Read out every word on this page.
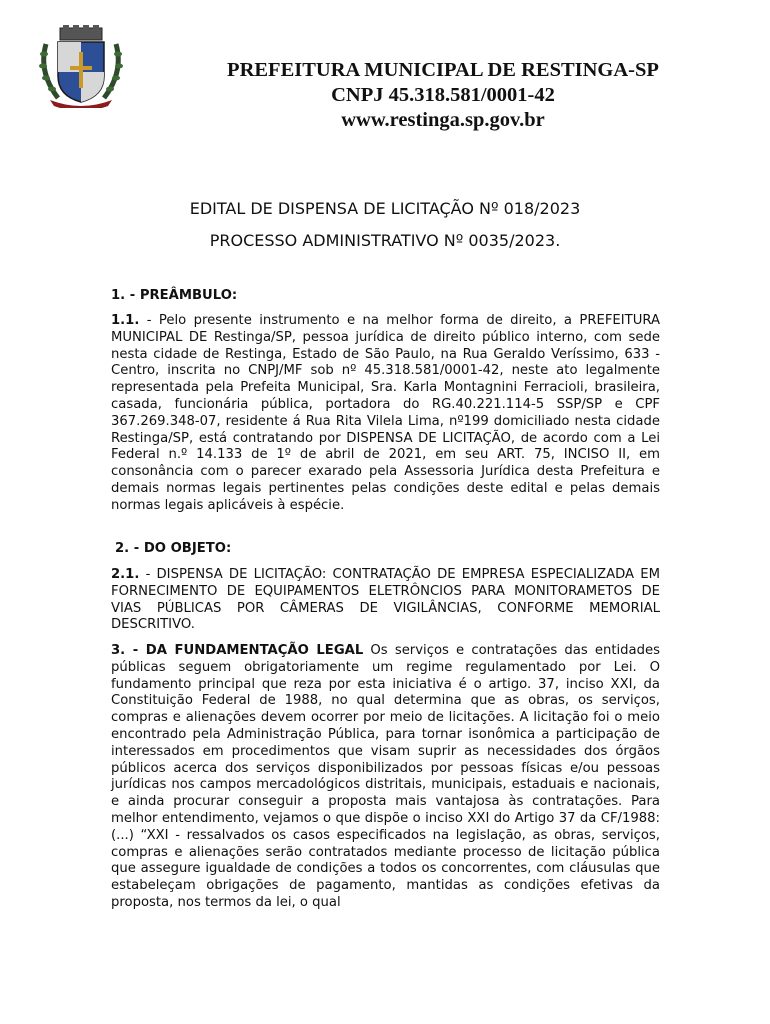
PREFEITURA MUNICIPAL DE RESTINGA-SP
CNPJ 45.318.581/0001-42
www.restinga.sp.gov.br
EDITAL DE DISPENSA DE LICITAÇÃO Nº 018/2023
PROCESSO ADMINISTRATIVO Nº 0035/2023.
1. - PREÂMBULO:

1.1. - Pelo presente instrumento e na melhor forma de direito, a PREFEITURA MUNICIPAL DE Restinga/SP, pessoa jurídica de direito público interno, com sede nesta cidade de Restinga, Estado de São Paulo, na Rua Geraldo Veríssimo, 633 - Centro, inscrita no CNPJ/MF sob nº 45.318.581/0001-42, neste ato legalmente representada pela Prefeita Municipal, Sra. Karla Montagnini Ferracioli, brasileira, casada, funcionária pública, portadora do RG.40.221.114-5 SSP/SP e CPF 367.269.348-07, residente á Rua Rita Vilela Lima, nº199 domiciliado nesta cidade Restinga/SP, está contratando por DISPENSA DE LICITAÇÃO, de acordo com a Lei Federal n.º 14.133 de 1º de abril de 2021, em seu ART. 75, INCISO II, em consonância com o parecer exarado pela Assessoria Jurídica desta Prefeitura e demais normas legais pertinentes pelas condições deste edital e pelas demais normas legais aplicáveis à espécie.

2. - DO OBJETO:

2.1. - DISPENSA DE LICITAÇÃO: CONTRATAÇÃO DE EMPRESA ESPECIALIZADA EM FORNECIMENTO DE EQUIPAMENTOS ELETRÔNCIOS PARA MONITORAMETOS DE VIAS PÚBLICAS POR CÂMERAS DE VIGILÂNCIAS, CONFORME MEMORIAL DESCRITIVO.

3. - DA FUNDAMENTAÇÃO LEGAL Os serviços e contratações das entidades públicas seguem obrigatoriamente um regime regulamentado por Lei. O fundamento principal que reza por esta iniciativa é o artigo. 37, inciso XXI, da Constituição Federal de 1988, no qual determina que as obras, os serviços, compras e alienações devem ocorrer por meio de licitações. A licitação foi o meio encontrado pela Administração Pública, para tornar isonômica a participação de interessados em procedimentos que visam suprir as necessidades dos órgãos públicos acerca dos serviços disponibilizados por pessoas físicas e/ou pessoas jurídicas nos campos mercadológicos distritais, municipais, estaduais e nacionais, e ainda procurar conseguir a proposta mais vantajosa às contratações. Para melhor entendimento, vejamos o que dispõe o inciso XXI do Artigo 37 da CF/1988: (...) “XXI - ressalvados os casos especificados na legislação, as obras, serviços, compras e alienações serão contratados mediante processo de licitação pública que assegure igualdade de condições a todos os concorrentes, com cláusulas que estabeleçam obrigações de pagamento, mantidas as condições efetivas da proposta, nos termos da lei, o qual
